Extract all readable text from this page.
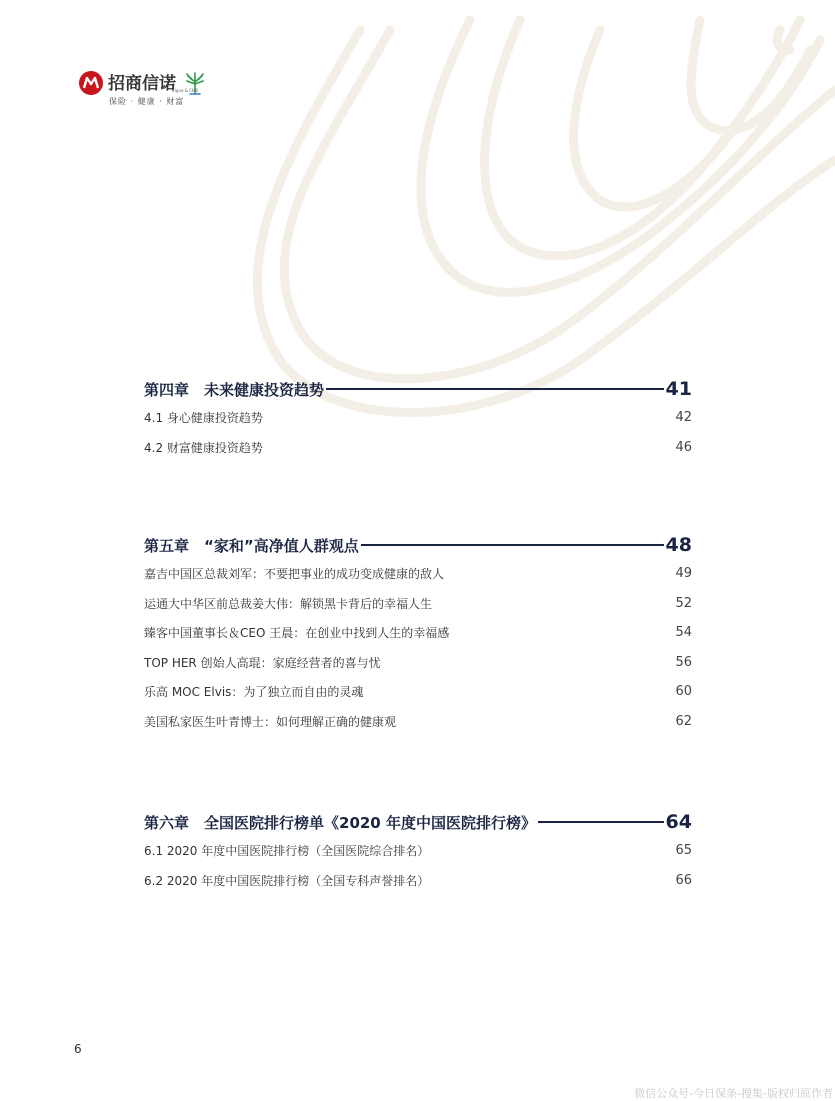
招商信诺
Cigna & CMB
保险 · 健康 · 财富
第四章　未来健康投资趋势	41
4.1 身心健康投资趋势	42
4.2 财富健康投资趋势	46
第五章　“家和”高净值人群观点	48
嘉吉中国区总裁刘军：不要把事业的成功变成健康的敌人	49
运通大中华区前总裁姜大伟：解锁黑卡背后的幸福人生	52
臻客中国董事长＆CEO 王晨：在创业中找到人生的幸福感	54
TOP HER 创始人高琨：家庭经营者的喜与忧	56
乐高 MOC Elvis：为了独立而自由的灵魂	60
美国私家医生叶青博士：如何理解正确的健康观	62
第六章　全国医院排行榜单《2020 年度中国医院排行榜》	64
6.1 2020 年度中国医院排行榜（全国医院综合排名）	65
6.2 2020 年度中国医院排行榜（全国专科声誉排名）	66
6
微信公众号-今日保条-搜集-版权归原作者
